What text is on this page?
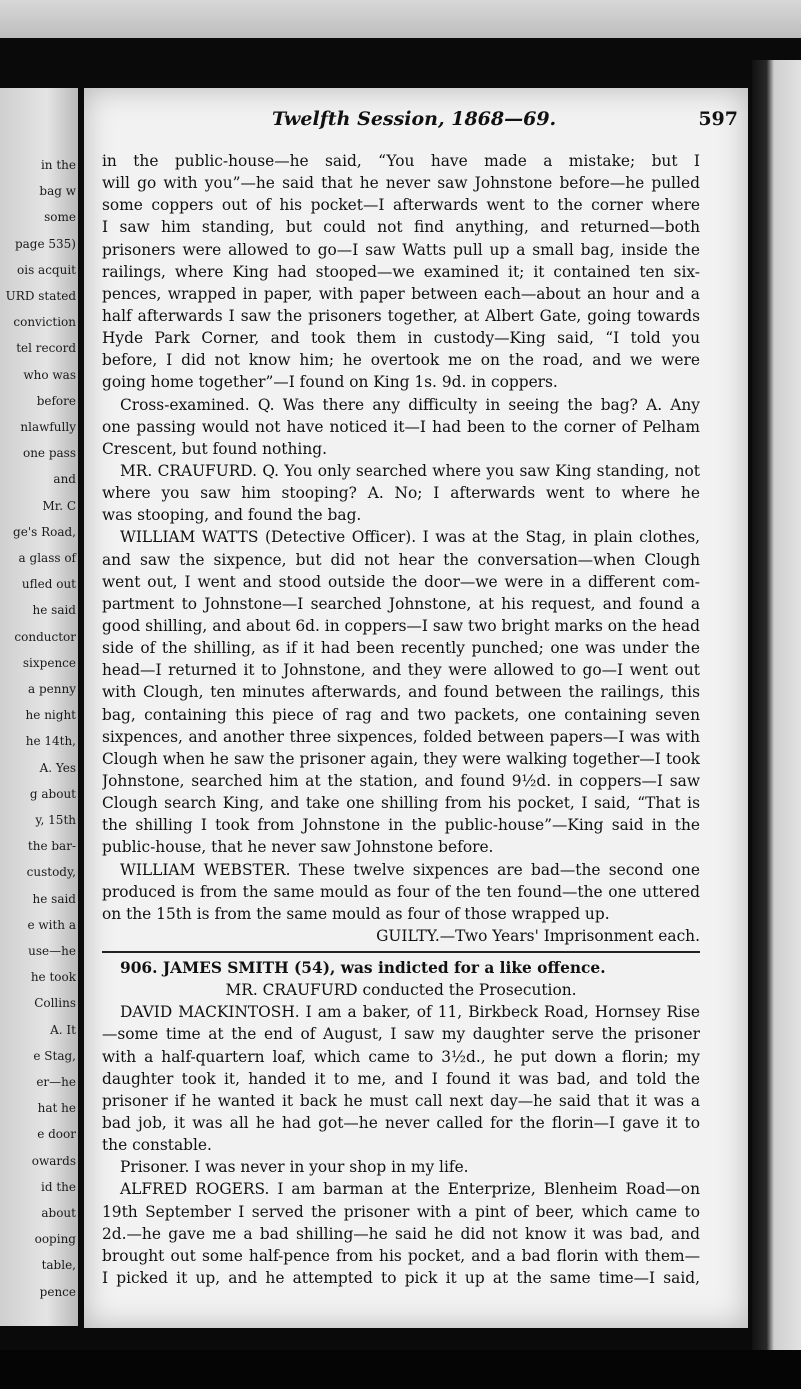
in the
bag w
some
page 535)
ois acquit
URD stated
conviction
tel record
who was
before
nlawfully
one pass
and
Mr. C
ge's Road,
a glass of
ufled out
he said
conductor
sixpence
a penny
he night
he 14th,
A. Yes
g about
y, 15th
the bar-
custody,
he said
e with a
use—he
he took
Collins
A. It
e Stag,
er—he
hat he
e door
owards
id the
about
ooping
table,
pence
Twelfth Session, 1868—69.	597
in the public-house—he said, “You have made a mistake; but I
will go with you”—he said that he never saw Johnstone before—he pulled
some coppers out of his pocket—I afterwards went to the corner where
I saw him standing, but could not find anything, and returned—both
prisoners were allowed to go—I saw Watts pull up a small bag, inside the
railings, where King had stooped—we examined it; it contained ten six-
pences, wrapped in paper, with paper between each—about an hour and a
half afterwards I saw the prisoners together, at Albert Gate, going towards
Hyde Park Corner, and took them in custody—King said, “I told you
before, I did not know him; he overtook me on the road, and we were
going home together”—I found on King 1s. 9d. in coppers.
Cross-examined. Q. Was there any difficulty in seeing the bag? A. Any
one passing would not have noticed it—I had been to the corner of Pelham
Crescent, but found nothing.
MR. CRAUFURD. Q. You only searched where you saw King standing, not
where you saw him stooping? A. No; I afterwards went to where he
was stooping, and found the bag.
WILLIAM WATTS (Detective Officer). I was at the Stag, in plain clothes,
and saw the sixpence, but did not hear the conversation—when Clough
went out, I went and stood outside the door—we were in a different com-
partment to Johnstone—I searched Johnstone, at his request, and found a
good shilling, and about 6d. in coppers—I saw two bright marks on the head
side of the shilling, as if it had been recently punched; one was under the
head—I returned it to Johnstone, and they were allowed to go—I went out
with Clough, ten minutes afterwards, and found between the railings, this
bag, containing this piece of rag and two packets, one containing seven
sixpences, and another three sixpences, folded between papers—I was with
Clough when he saw the prisoner again, they were walking together—I took
Johnstone, searched him at the station, and found 9½d. in coppers—I saw
Clough search King, and take one shilling from his pocket, I said, “That is
the shilling I took from Johnstone in the public-house”—King said in the
public-house, that he never saw Johnstone before.
WILLIAM WEBSTER. These twelve sixpences are bad—the second one
produced is from the same mould as four of the ten found—the one uttered
on the 15th is from the same mould as four of those wrapped up.
GUILTY.—Two Years' Imprisonment each.
906. JAMES SMITH (54), was indicted for a like offence.
MR. CRAUFURD conducted the Prosecution.
DAVID MACKINTOSH. I am a baker, of 11, Birkbeck Road, Hornsey Rise
—some time at the end of August, I saw my daughter serve the prisoner
with a half-quartern loaf, which came to 3½d., he put down a florin; my
daughter took it, handed it to me, and I found it was bad, and told the
prisoner if he wanted it back he must call next day—he said that it was a
bad job, it was all he had got—he never called for the florin—I gave it to
the constable.
Prisoner. I was never in your shop in my life.
ALFRED ROGERS. I am barman at the Enterprize, Blenheim Road—on
19th September I served the prisoner with a pint of beer, which came to
2d.—he gave me a bad shilling—he said he did not know it was bad, and
brought out some half-pence from his pocket, and a bad florin with them—
I picked it up, and he attempted to pick it up at the same time—I said,
